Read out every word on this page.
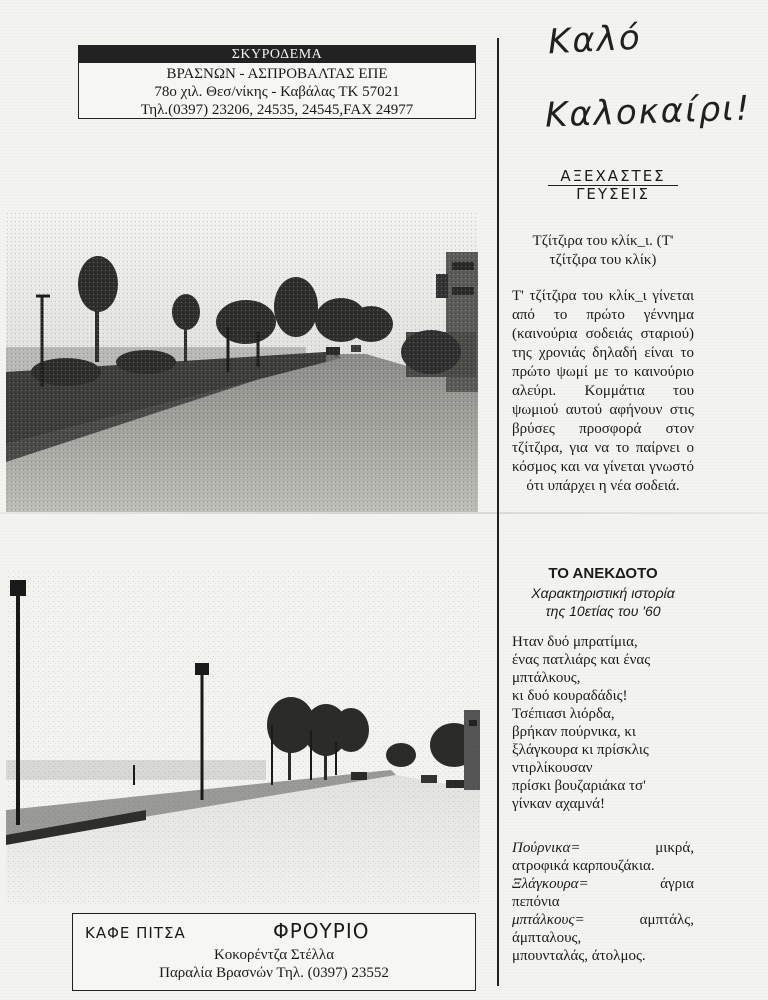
ΣΚΥΡΟΔΕΜΑ
ΒΡΑΣΝΩΝ - ΑΣΠΡΟΒΑΛΤΑΣ ΕΠΕ
78ο χιλ. Θεσ/νίκης - Καβάλας ΤΚ 57021
Τηλ.(0397) 23206, 24535, 24545,FAX 24977
ΚΑΦΕ ΠΙΤΣΑ	ΦΡΟΥΡΙΟ
Κοκορέντζα Στέλλα
Παραλία Βρασνών Τηλ. (0397) 23552
Καλό
Καλοκαίρι!
ΑΞΕΧΑΣΤΕΣ
ΓΕΥΣΕΙΣ
Τζίτζιρα του κλίκ_ι. (Τ' τζίτζιρα του κλίκ)
Τ' τζίτζιρα του κλίκ_ι γίνεται από το πρώτο γέννημα (καινούρια σοδειάς σταριού) της χρονιάς δηλαδή είναι το πρώτο ψωμί με το καινούριο αλεύρι. Κομμάτια του ψωμιού αυτού αφήνουν στις βρύσες προσφορά στον τζίτζιρα, για να το παίρνει ο κόσμος και να γίνεται γνωστό ότι υπάρχει η νέα σοδειά.
ΤΟ ΑΝΕΚΔΟΤΟ
Χαρακτηριστική ιστορία
της 10ετίας του '60
Ηταν δυό μπρατίμια,
ένας πατλιάρς και ένας
μπτάλκους,
κι δυό κουραδάδις!
Τσέπιασι λιόρδα,
βρήκαν πούρνικα, κι
ξλάγκουρα κι πρίσκλις
ντιρλίκουσαν
πρίσκι βουζαριάκα τσ'
γίνκαν αχαμνά!
Πούρνικα=	μικρά,
ατροφικά καρπουζάκια.
Ξλάγκουρα=	άγρια
πεπόνια
μπτάλκους=	αμπτάλς,
άμπταλους,
μπουνταλάς, άτολμος.
